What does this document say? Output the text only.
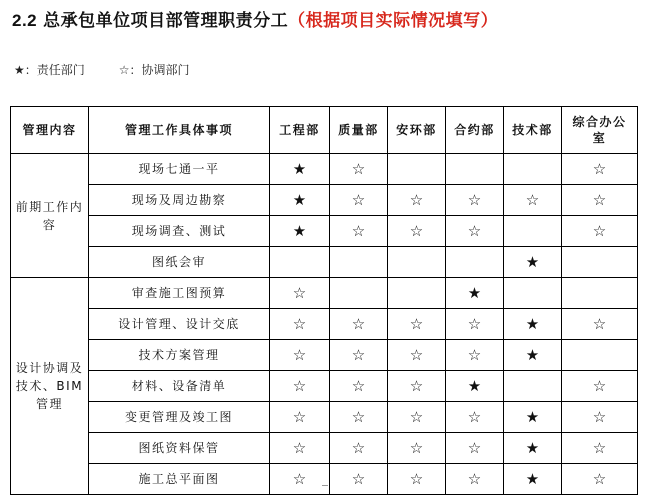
2.2 总承包单位项目部管理职责分工（根据项目实际情况填写）
★：责任部门	☆：协调部门
管理内容	管理工作具体事项	工程部	质量部	安环部	合约部	技术部	综合办公室
前期工作内容	现场七通一平	★	☆				☆
	现场及周边勘察	★	☆	☆	☆	☆	☆
	现场调查、测试	★	☆	☆	☆		☆
	图纸会审					★	
设计协调及技术、BIM管理	审查施工图预算	☆			★		
	设计管理、设计交底	☆	☆	☆	☆	★	☆
	技术方案管理	☆	☆	☆	☆	★	
	材料、设备清单	☆	☆	☆	★		☆
	变更管理及竣工图	☆	☆	☆	☆	★	☆
	图纸资料保管	☆	☆	☆	☆	★	☆
	施工总平面图	☆	☆	☆	☆	★	☆
